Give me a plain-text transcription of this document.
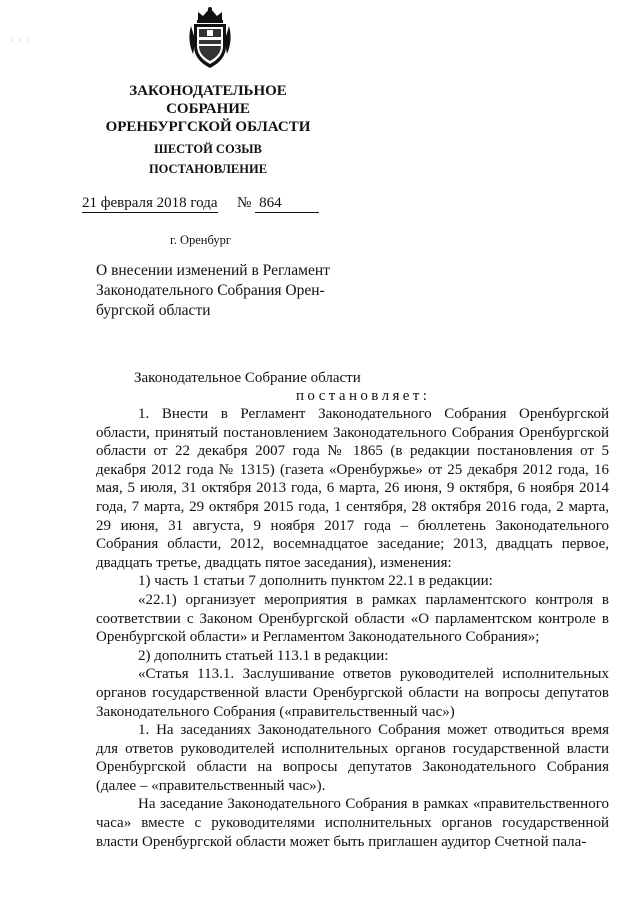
· · ·
ЗАКОНОДАТЕЛЬНОЕ
СОБРАНИЕ
ОРЕНБУРГСКОЙ ОБЛАСТИ
ШЕСТОЙ СОЗЫВ
ПОСТАНОВЛЕНИЕ
21 февраля 2018 года № 864
г. Оренбург
О внесении изменений в Регламент
Законодательного Собрания Орен-
бургской области
Законодательное Собрание области
постановляет:

1. Внести в Регламент Законодательного Собрания Оренбургской области, принятый постановлением Законодательного Собрания Оренбургской области от 22 декабря 2007 года № 1865 (в редакции постановления от 5 декабря 2012 года № 1315) (газета «Оренбуржье» от 25 декабря 2012 года, 16 мая, 5 июля, 31 октября 2013 года, 6 марта, 26 июня, 9 октября, 6 ноября 2014 года, 7 марта, 29 октября 2015 года, 1 сентября, 28 октября 2016 года, 2 марта, 29 июня, 31 августа, 9 ноября 2017 года – бюллетень Законодательного Собрания области, 2012, восемнадцатое заседание; 2013, двадцать первое, двадцать третье, двадцать пятое заседания), изменения:

1) часть 1 статьи 7 дополнить пунктом 22.1 в редакции:

«22.1) организует мероприятия в рамках парламентского контроля в соответствии с Законом Оренбургской области «О парламентском контроле в Оренбургской области» и Регламентом Законодательного Собрания»;

2) дополнить статьей 113.1 в редакции:

«Статья 113.1. Заслушивание ответов руководителей исполнительных органов государственной власти Оренбургской области на вопросы депутатов Законодательного Собрания («правительственный час»)

1. На заседаниях Законодательного Собрания может отводиться время для ответов руководителей исполнительных органов государственной власти Оренбургской области на вопросы депутатов Законодательного Собрания (далее – «правительственный час»).

На заседание Законодательного Собрания в рамках «правительственного часа» вместе с руководителями исполнительных органов государственной власти Оренбургской области может быть приглашен аудитор Счетной пала-
